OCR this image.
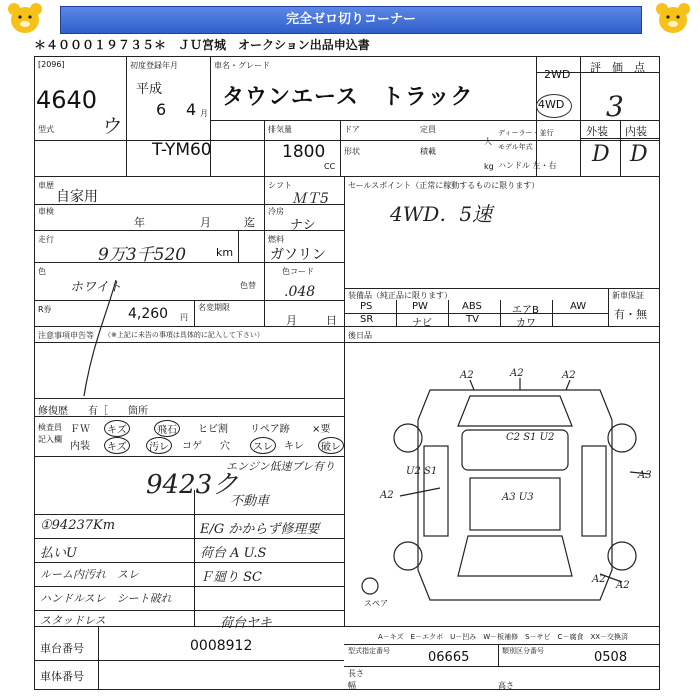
完全ゼロ切りコーナー
＊４０００１９７３５＊　ＪＵ宮城　オークション出品申込書
[2096]
4640
ウ
初度登録年月
平成
6 4 月
車名・グレード
タウンエース　トラック
2WD
4WD
評　価　点
3
型式
T-YM60
排気量
1800
CC
ドア	定員
人
形状	積載
kg
ディーラー・並行
モデル年式
ハンドル 左・右
外装 内装
D D
車歴
自家用
シフト
ＭＴ5
車検
年	月	迄
冷房
ナシ
走行
9万3千520	km
燃料
ガソリン
色
ホワイト	色替
色コード
.048
R券	4,260 円
名変期限
月	日
セールスポイント（正常に稼動するものに限ります）
4WD．5速
装備品（純正品に限ります）	新車保証
有・無
PS	PW	ABS	エアB	AW
SR	ナビ	TV	カワ
後日品
注意事項申告等 （※上記に未告の事項は具体的に記入して下さい）
修復歴 有［　　箇所
検査員
記入欄
ＦＷ	キズ	飛石	ヒビ割 リペア跡 ×要
内装	キズ	汚レ	コゲ 穴	スレ	キレ	破レ
9423ク
エンジン低速ブレ有り
①94237Km
払いU
ルーム内汚れ　スレ
ハンドルスレ　シート破れ
スタッドレス
不動車
E/G かからず修理要
荷台 A U.S
Ｆ廻り SC
荷台ヤキ
A2	A2	A2
C2 S1 U2
U2 S1
A3 U3
A2
A3
A2
A2
スペア
A－キズ　E－エクボ　U－凹み　W－板補修　S－サビ　C－腐食　XX－交換済
車台番号	0008912
車体番号
型式指定番号	06665	類別区分番号	0508
長さ
幅	高さ
